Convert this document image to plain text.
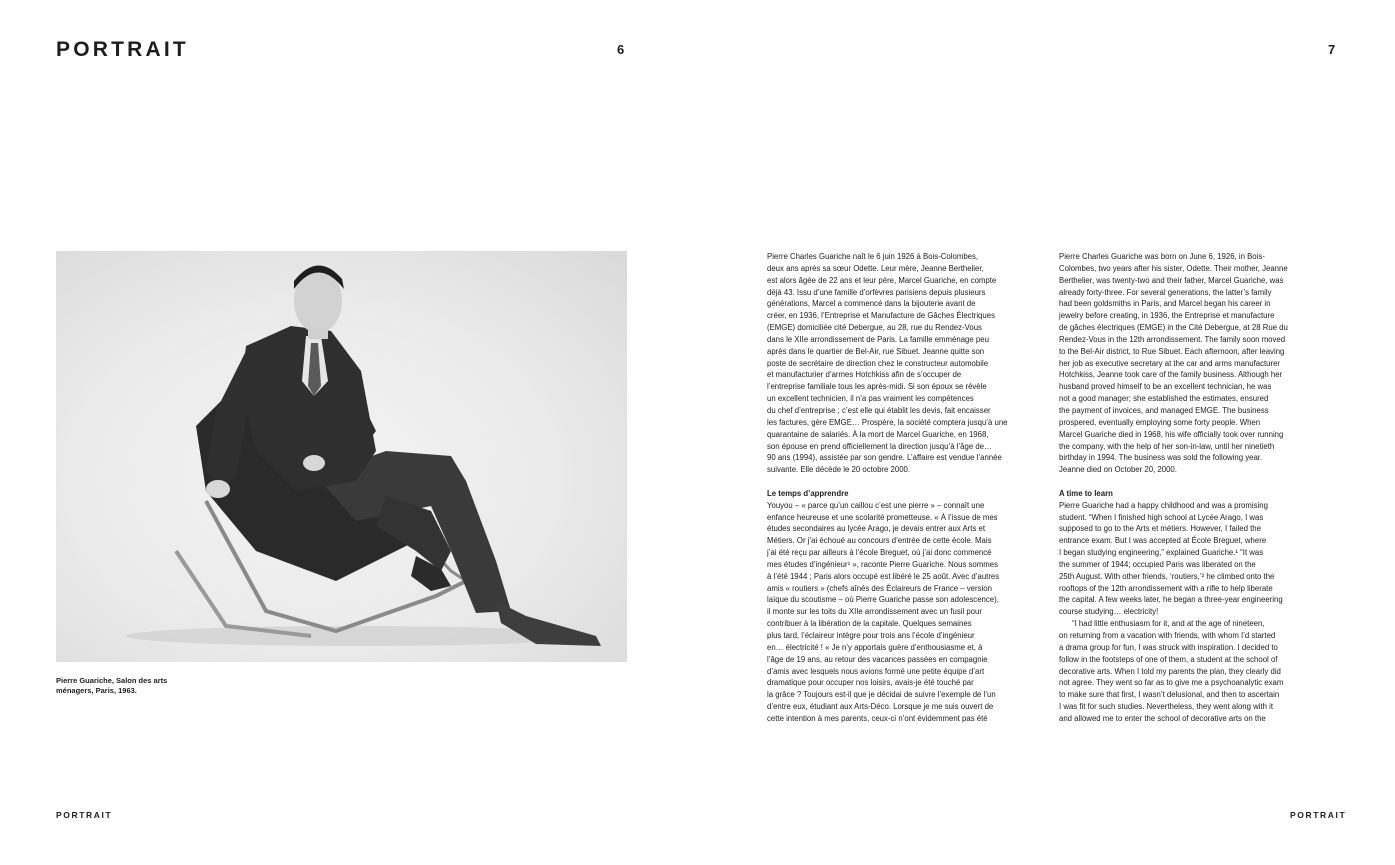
PORTRAIT	6	7

Pierre Guariche, Salon des arts
ménagers, Paris, 1963.

Pierre Charles Guariche naît le 6 juin 1926 à Bois-Colombes,

deux ans après sa sœur Odette. Leur mère, Jeanne Berthelier,

est alors âgée de 22 ans et leur père, Marcel Guariche, en compte

déjà 43. Issu d’une famille d’orfèvres parisiens depuis plusieurs

générations, Marcel a commencé dans la bijouterie avant de

créer, en 1936, l’Entreprise et Manufacture de Gâches Électriques

(EMGE) domiciliée cité Debergue, au 28, rue du Rendez-Vous

dans le XIIe arrondissement de Paris. La famille emménage peu

après dans le quartier de Bel-Air, rue Sibuet. Jeanne quitte son

poste de secrétaire de direction chez le constructeur automobile

et manufacturier d’armes Hotchkiss afin de s’occuper de

l’entreprise familiale tous les après-midi. Si son époux se révèle

un excellent technicien, il n’a pas vraiment les compétences

du chef d’entreprise ; c’est elle qui établit les devis, fait encaisser

les factures, gère EMGE… Prospère, la société comptera jusqu’à une

quarantaine de salariés. À la mort de Marcel Guariche, en 1968,

son épouse en prend officiellement la direction jusqu’à l’âge de…

90 ans (1994), assistée par son gendre. L’affaire est vendue l’année

suivante. Elle décède le 20 octobre 2000.

Le temps d’apprendre

Youyou – « parce qu’un caillou c’est une pierre » – connaît une

enfance heureuse et une scolarité prometteuse. « À l’issue de mes

études secondaires au lycée Arago, je devais entrer aux Arts et

Métiers. Or j’ai échoué au concours d’entrée de cette école. Mais

j’ai été reçu par ailleurs à l’école Breguet, où j’ai donc commencé

mes études d’ingénieur¹ », raconte Pierre Guariche. Nous sommes

à l’été 1944 ; Paris alors occupé est libéré le 25 août. Avec d’autres

amis « routiers » (chefs aînés des Éclaireurs de France – version

laïque du scoutisme – où Pierre Guariche passe son adolescence),

il monte sur les toits du XIIe arrondissement avec un fusil pour

contribuer à la libération de la capitale. Quelques semaines

plus tard, l’éclaireur intègre pour trois ans l’école d’ingénieur

en… électricité ! « Je n’y apportais guère d’enthousiasme et, à

l’âge de 19 ans, au retour des vacances passées en compagnie

d’amis avec lesquels nous avions formé une petite équipe d’art

dramatique pour occuper nos loisirs, avais-je été touché par

la grâce ? Toujours est-il que je décidai de suivre l’exemple de l’un

d’entre eux, étudiant aux Arts-Déco. Lorsque je me suis ouvert de

cette intention à mes parents, ceux-ci n’ont évidemment pas été

Pierre Charles Guariche was born on June 6, 1926, in Bois-

Colombes, two years after his sister, Odette. Their mother, Jeanne

Berthelier, was twenty-two and their father, Marcel Guariche, was

already forty-three. For several generations, the latter’s family

had been goldsmiths in Paris, and Marcel began his career in

jewelry before creating, in 1936, the Entreprise et manufacture

de gâches électriques (EMGE) in the Cité Debergue, at 28 Rue du

Rendez-Vous in the 12th arrondissement. The family soon moved

to the Bel-Air district, to Rue Sibuet. Each afternoon, after leaving

her job as executive secretary at the car and arms manufacturer

Hotchkiss, Jeanne took care of the family business. Although her

husband proved himself to be an excellent technician, he was

not a good manager; she established the estimates, ensured

the payment of invoices, and managed EMGE. The business

prospered, eventually employing some forty people. When

Marcel Guariche died in 1968, his wife officially took over running

the company, with the help of her son-in-law, until her ninetieth

birthday in 1994. The business was sold the following year.

Jeanne died on October 20, 2000.

A time to learn

Pierre Guariche had a happy childhood and was a promising

student. “When I finished high school at Lycée Arago, I was

supposed to go to the Arts et métiers. However, I failed the

entrance exam. But I was accepted at École Breguet, where

I began studying engineering,” explained Guariche.¹ “It was

the summer of 1944; occupied Paris was liberated on the

25th August. With other friends, ‘routiers,’² he climbed onto the

rooftops of the 12th arrondissement with a rifle to help liberate

the capital. A few weeks later, he began a three-year engineering

course studying… electricity!

“I had little enthusiasm for it, and at the age of nineteen,

on returning from a vacation with friends, with whom I’d started

a drama group for fun, I was struck with inspiration. I decided to

follow in the footsteps of one of them, a student at the school of

decorative arts. When I told my parents the plan, they clearly did

not agree. They went so far as to give me a psychoanalytic exam

to make sure that first, I wasn’t delusional, and then to ascertain

I was fit for such studies. Nevertheless, they went along with it

and allowed me to enter the school of decorative arts on the

PORTRAIT	PORTRAIT
